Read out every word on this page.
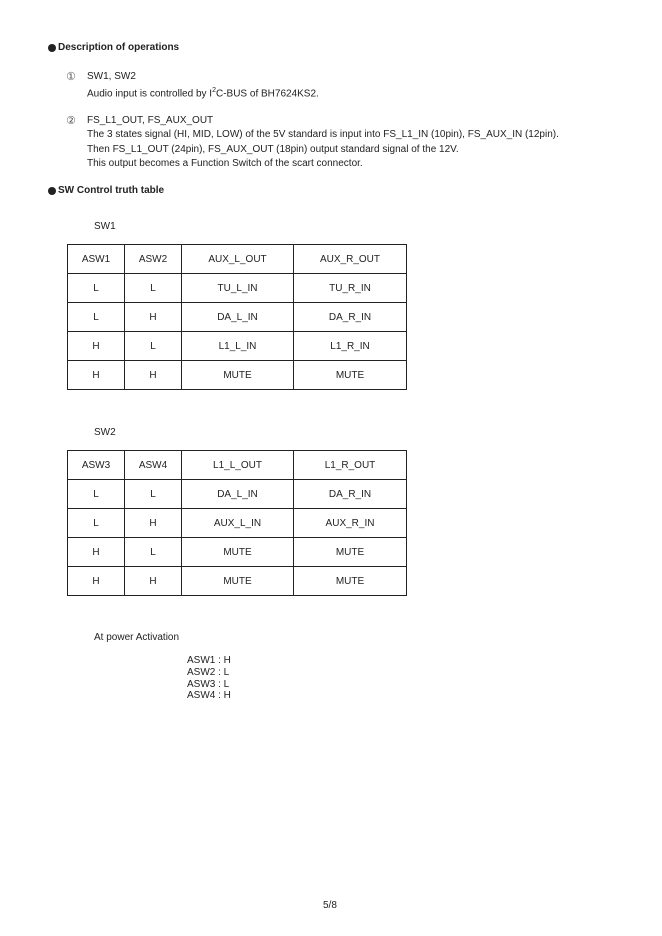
Description of operations
① SW1, SW2
Audio input is controlled by $I^2C$-BUS of BH7624KS2.
② FS_L1_OUT, FS_AUX_OUT
The 3 states signal (HI, MID, LOW) of the 5V standard is input into FS_L1_IN (10pin), FS_AUX_IN (12pin).
Then FS_L1_OUT (24pin), FS_AUX_OUT (18pin) output standard signal of the 12V.
This output becomes a Function Switch of the scart connector.
SW Control truth table
SW1
ASW1	ASW2	AUX_L_OUT	AUX_R_OUT
L	L	TU_L_IN	TU_R_IN
L	H	DA_L_IN	DA_R_IN
H	L	L1_L_IN	L1_R_IN
H	H	MUTE	MUTE
SW2
ASW3	ASW4	L1_L_OUT	L1_R_OUT
L	L	DA_L_IN	DA_R_IN
L	H	AUX_L_IN	AUX_R_IN
H	L	MUTE	MUTE
H	H	MUTE	MUTE
At power Activation
ASW1 : H
ASW2 : L
ASW3 : L
ASW4 : H
5/8
